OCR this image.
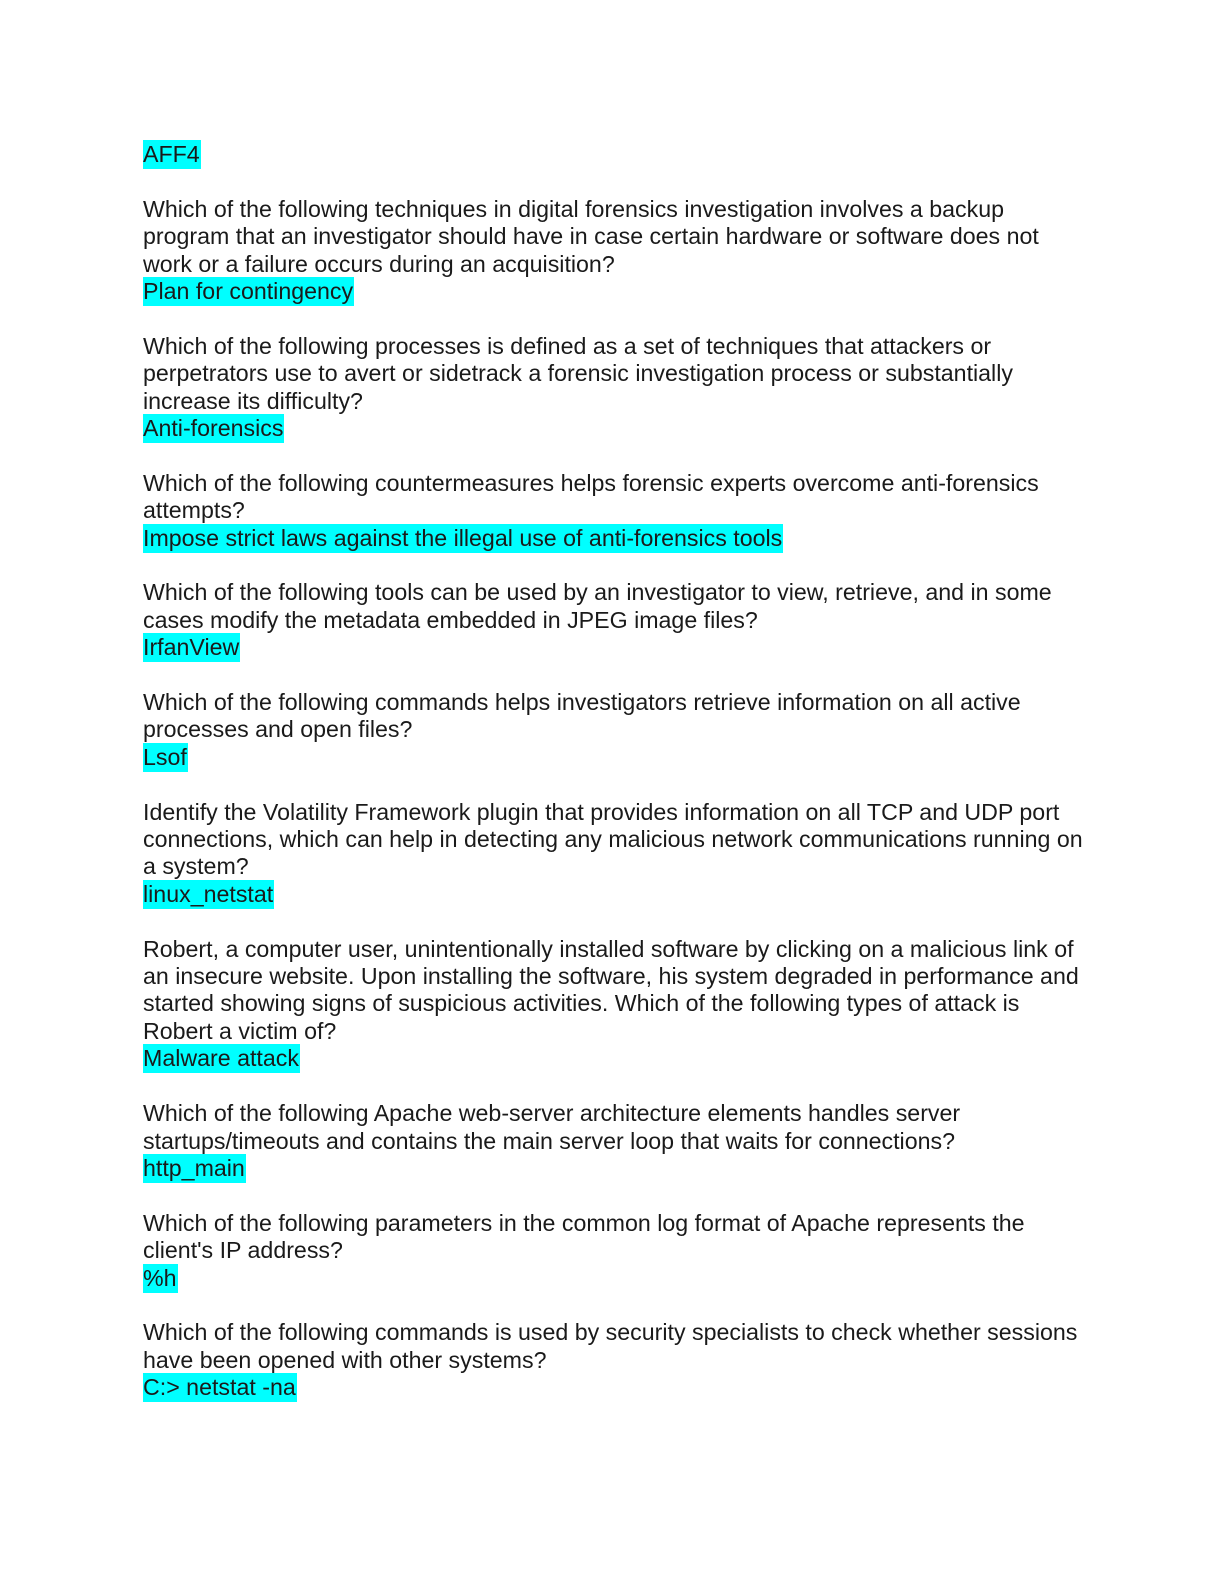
AFF4

Which of the following techniques in digital forensics investigation involves a backup program that an investigator should have in case certain hardware or software does not work or a failure occurs during an acquisition?

Plan for contingency

Which of the following processes is defined as a set of techniques that attackers or perpetrators use to avert or sidetrack a forensic investigation process or substantially increase its difficulty?

Anti-forensics

Which of the following countermeasures helps forensic experts overcome anti-forensics attempts?

Impose strict laws against the illegal use of anti-forensics tools

Which of the following tools can be used by an investigator to view, retrieve, and in some cases modify the metadata embedded in JPEG image files?

IrfanView

Which of the following commands helps investigators retrieve information on all active processes and open files?

Lsof

Identify the Volatility Framework plugin that provides information on all TCP and UDP port connections, which can help in detecting any malicious network communications running on a system?

linux_netstat

Robert, a computer user, unintentionally installed software by clicking on a malicious link of an insecure website. Upon installing the software, his system degraded in performance and started showing signs of suspicious activities. Which of the following types of attack is Robert a victim of?

Malware attack

Which of the following Apache web-server architecture elements handles server startups/timeouts and contains the main server loop that waits for connections?

http_main

Which of the following parameters in the common log format of Apache represents the client's IP address?

%h

Which of the following commands is used by security specialists to check whether sessions have been opened with other systems?

C:> netstat -na
